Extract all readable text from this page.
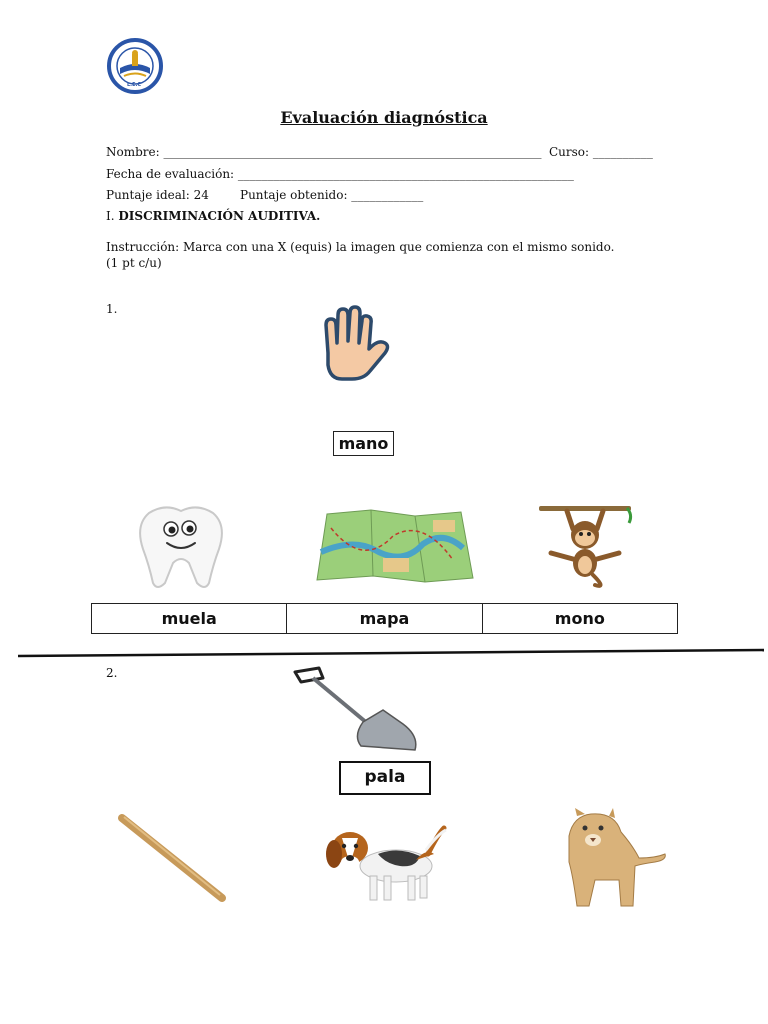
L.E.C
Evaluación diagnóstica
Nombre: _______________________________________________________________ Curso: __________
Fecha de evaluación: ________________________________________________________
Puntaje ideal: 24	Puntaje obtenido: ____________
I. DISCRIMINACIÓN AUDITIVA.
Instrucción: Marca con una X (equis) la imagen que comienza con el mismo sonido.
(1 pt c/u)
1.
mano
muela	mapa	mono
2.
pala
